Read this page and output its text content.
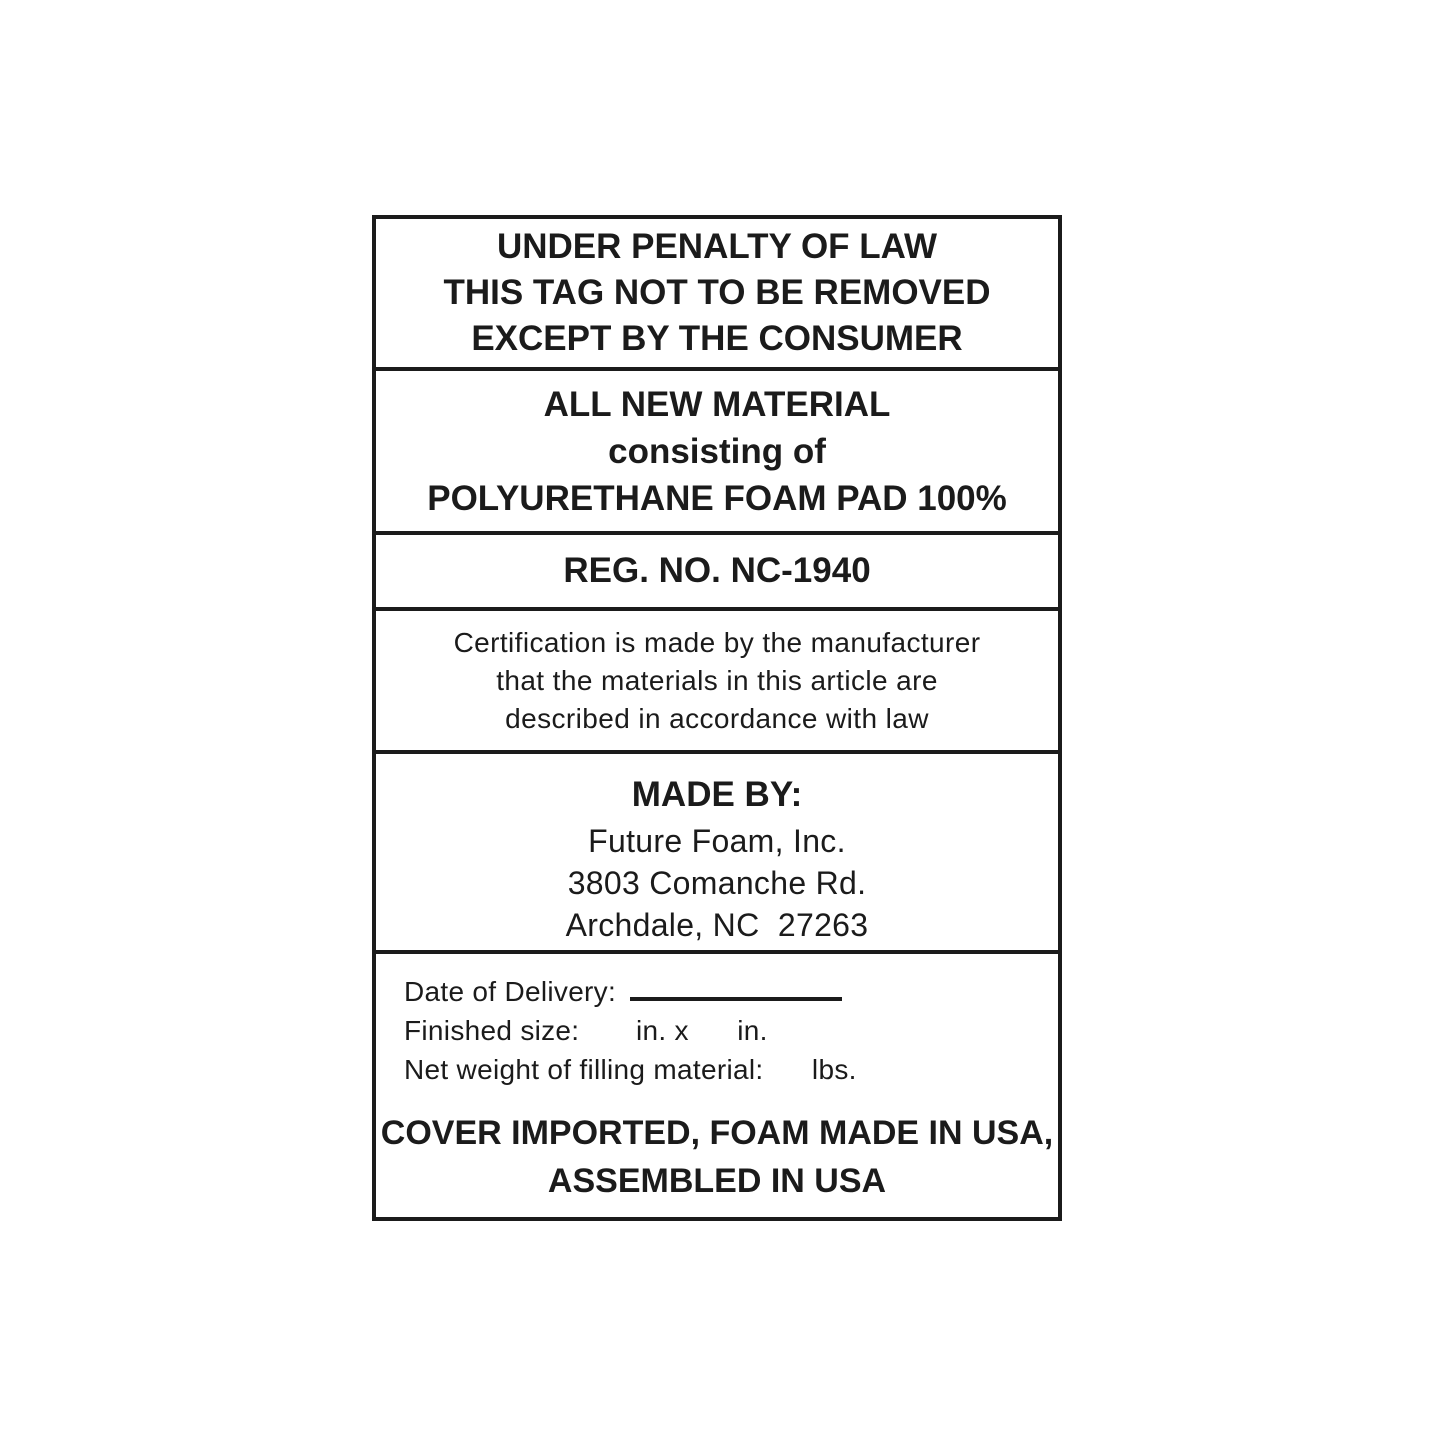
UNDER PENALTY OF LAW
THIS TAG NOT TO BE REMOVED
EXCEPT BY THE CONSUMER
ALL NEW MATERIAL
consisting of
POLYURETHANE FOAM PAD 100%
REG. NO. NC-1940
Certification is made by the manufacturer
that the materials in this article are
described in accordance with law
MADE BY:
Future Foam, Inc.
3803 Comanche Rd.
Archdale, NC  27263
Date of Delivery:
Finished size:       in. x      in.
Net weight of filling material:      lbs.
COVER IMPORTED, FOAM MADE IN USA,
ASSEMBLED IN USA
